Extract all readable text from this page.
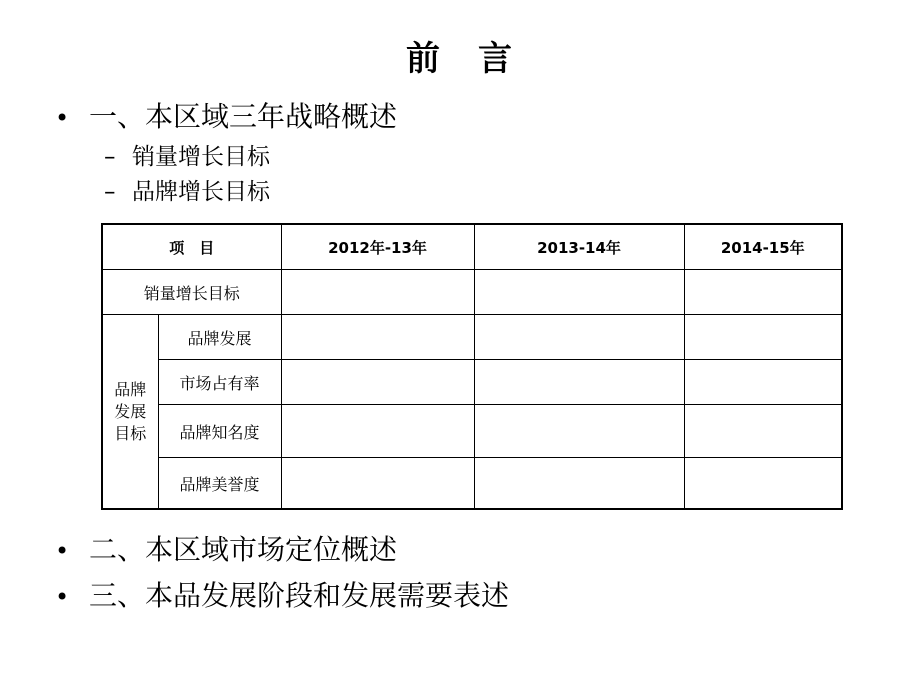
前　言
• 一、本区域三年战略概述
– 销量增长目标
– 品牌增长目标
项　目		2012年-13年	2013-14年	2014-15年
销量增长目标				

品牌
发展
目标	品牌发展			
	市场占有率			
	品牌知名度			
	品牌美誉度			
• 二、本区域市场定位概述
• 三、本品发展阶段和发展需要表述
